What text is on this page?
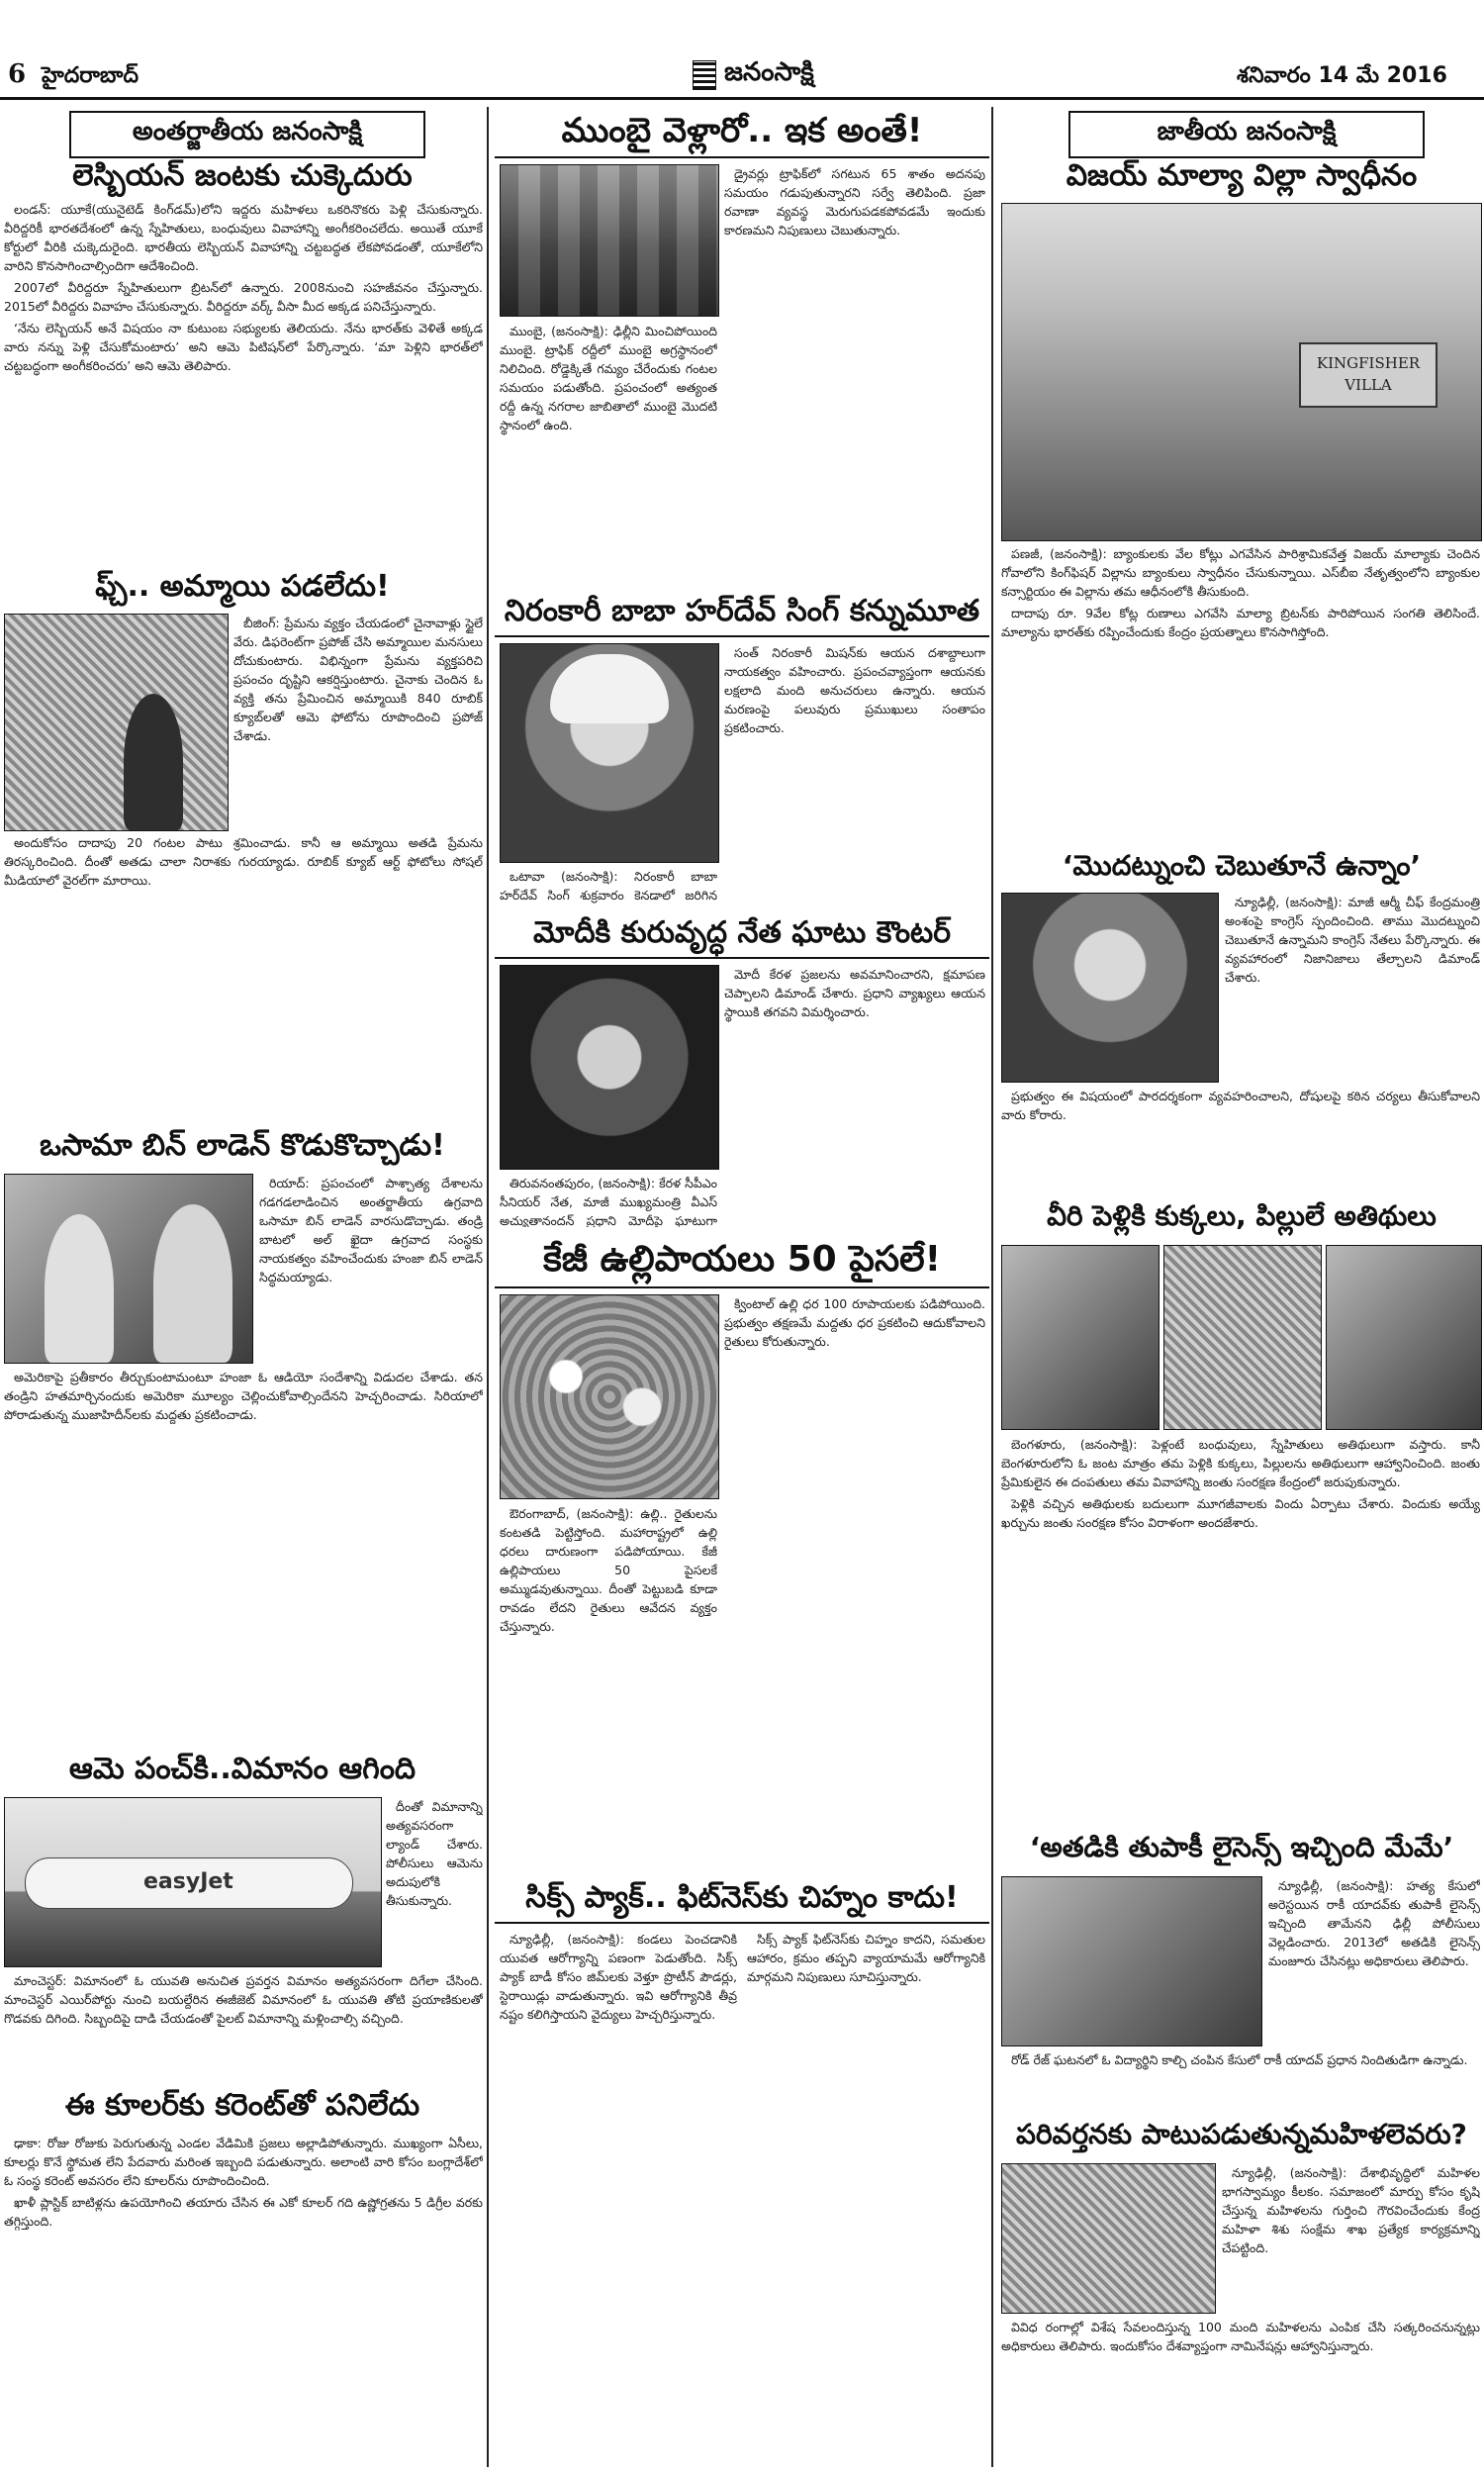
6 హైదరాబాద్	జనంసాక్షి	శనివారం 14 మే 2016
అంతర్జాతీయ జనంసాక్షి
లెస్బియన్ జంటకు చుక్కెదురు

లండన్: యూకే(యునైటెడ్ కింగ్‌డమ్)లోని ఇద్దరు మహిళలు ఒకరినొకరు పెళ్లి చేసుకున్నారు. వీరిద్దరికీ భారతదేశంలో ఉన్న స్నేహితులు, బంధువులు వివాహాన్ని అంగీకరించలేదు. అయితే యూకే కోర్టులో వీరికి చుక్కెదురైంది. భారతీయ లెస్బియన్ వివాహాన్ని చట్టబద్ధత లేకపోవడంతో, యూకేలోని వారిని కొనసాగించాల్సిందిగా ఆదేశించింది.

2007లో వీరిద్దరూ స్నేహితులుగా బ్రిటన్‌లో ఉన్నారు. 2008నుంచి సహజీవనం చేస్తున్నారు. 2015లో వీరిద్దరు వివాహం చేసుకున్నారు. వీరిద్దరూ వర్క్ వీసా మీద అక్కడ పనిచేస్తున్నారు.

‘నేను లెస్బియన్ అనే విషయం నా కుటుంబ సభ్యులకు తెలియదు. నేను భారత్‌కు వెళితే అక్కడ వారు నన్ను పెళ్లి చేసుకోమంటారు’ అని ఆమె పిటిషన్‌లో పేర్కొన్నారు. ‘మా పెళ్లిని భారత్‌లో చట్టబద్ధంగా అంగీకరించరు’ అని ఆమె తెలిపారు.

ఫ్చ్.. అమ్మాయి పడలేదు!

బీజింగ్: ప్రేమను వ్యక్తం చేయడంలో చైనావాళ్లు స్టైలే వేరు. డిఫరెంట్‌గా ప్రపోజ్ చేసి అమ్మాయిల మనసులు దోచుకుంటారు. విభిన్నంగా ప్రేమను వ్యక్తపరిచి ప్రపంచం దృష్టిని ఆకర్షిస్తుంటారు. చైనాకు చెందిన ఓ వ్యక్తి తను ప్రేమించిన అమ్మాయికి 840 రూబిక్ క్యూబ్‌లతో ఆమె ఫోటోను రూపొందించి ప్రపోజ్ చేశాడు.

అందుకోసం దాదాపు 20 గంటల పాటు శ్రమించాడు. కానీ ఆ అమ్మాయి అతడి ప్రేమను తిరస్కరించింది. దీంతో అతడు చాలా నిరాశకు గురయ్యాడు. రూబిక్ క్యూబ్ ఆర్ట్ ఫోటోలు సోషల్ మీడియాలో వైరల్‌గా మారాయి.

ఒసామా బిన్ లాడెన్ కొడుకొచ్చాడు!

రియాద్: ప్రపంచంలో పాశ్చాత్య దేశాలను గడగడలాడించిన అంతర్జాతీయ ఉగ్రవాది ఒసామా బిన్ లాడెన్ వారసుడొచ్చాడు. తండ్రి బాటలో అల్ ఖైదా ఉగ్రవాద సంస్థకు నాయకత్వం వహించేందుకు హంజా బిన్ లాడెన్ సిద్ధమయ్యాడు.

అమెరికాపై ప్రతీకారం తీర్చుకుంటామంటూ హంజా ఓ ఆడియో సందేశాన్ని విడుదల చేశాడు. తన తండ్రిని హతమార్చినందుకు అమెరికా మూల్యం చెల్లించుకోవాల్సిందేనని హెచ్చరించాడు. సిరియాలో పోరాడుతున్న ముజాహిదీన్‌లకు మద్దతు ప్రకటించాడు.

ఆమె పంచ్‌కి..విమానం ఆగింది
easyJet

దీంతో విమానాన్ని అత్యవసరంగా ల్యాండ్ చేశారు. పోలీసులు ఆమెను అదుపులోకి తీసుకున్నారు.

మాంచెస్టర్: విమానంలో ఓ యువతి అనుచిత ప్రవర్తన విమానం అత్యవసరంగా దిగేలా చేసింది. మాంచెస్టర్ ఎయిర్‌పోర్టు నుంచి బయల్దేరిన ఈజీజెట్ విమానంలో ఓ యువతి తోటి ప్రయాణికులతో గొడవకు దిగింది. సిబ్బందిపై దాడి చేయడంతో పైలట్ విమానాన్ని మళ్లించాల్సి వచ్చింది.

ఈ కూలర్‌కు కరెంట్‌తో పనిలేదు

ఢాకా: రోజు రోజుకు పెరుగుతున్న ఎండల వేడిమికి ప్రజలు అల్లాడిపోతున్నారు. ముఖ్యంగా ఏసీలు, కూలర్లు కొనే స్థోమత లేని పేదవారు మరింత ఇబ్బంది పడుతున్నారు. అలాంటి వారి కోసం బంగ్లాదేశ్‌లో ఓ సంస్థ కరెంట్ అవసరం లేని కూలర్‌ను రూపొందించింది.

ఖాళీ ప్లాస్టిక్ బాటిళ్లను ఉపయోగించి తయారు చేసిన ఈ ఎకో కూలర్ గది ఉష్ణోగ్రతను 5 డిగ్రీల వరకు తగ్గిస్తుంది.

ముంబై వెళ్లారో.. ఇక అంతే!

డ్రైవర్లు ట్రాఫిక్‌లో సగటున 65 శాతం అదనపు సమయం గడుపుతున్నారని సర్వే తెలిపింది. ప్రజా రవాణా వ్యవస్థ మెరుగుపడకపోవడమే ఇందుకు కారణమని నిపుణులు చెబుతున్నారు.

ముంబై, (జనంసాక్షి): ఢిల్లీని మించిపోయింది ముంబై. ట్రాఫిక్ రద్దీలో ముంబై అగ్రస్థానంలో నిలిచింది. రోడ్డెక్కితే గమ్యం చేరేందుకు గంటల సమయం పడుతోంది. ప్రపంచంలో అత్యంత రద్దీ ఉన్న నగరాల జాబితాలో ముంబై మొదటి స్థానంలో ఉంది.

నిరంకారీ బాబా హర్‌దేవ్ సింగ్ కన్నుమూత

సంత్ నిరంకారీ మిషన్‌కు ఆయన దశాబ్దాలుగా నాయకత్వం వహించారు. ప్రపంచవ్యాప్తంగా ఆయనకు లక్షలాది మంది అనుచరులు ఉన్నారు. ఆయన మరణంపై పలువురు ప్రముఖులు సంతాపం ప్రకటించారు.

ఒటావా (జనంసాక్షి): నిరంకారీ బాబా హర్‌దేవ్ సింగ్ శుక్రవారం కెనడాలో జరిగిన

మోదీకి కురువృద్ధ నేత ఘాటు కౌంటర్

మోదీ కేరళ ప్రజలను అవమానించారని, క్షమాపణ చెప్పాలని డిమాండ్ చేశారు. ప్రధాని వ్యాఖ్యలు ఆయన స్థాయికి తగవని విమర్శించారు.

తిరువనంతపురం, (జనంసాక్షి): కేరళ సీపీఎం సీనియర్ నేత, మాజీ ముఖ్యమంత్రి వీఎస్ అచ్యుతానందన్ ప్రధాని మోదీపై ఘాటుగా

కేజీ ఉల్లిపాయలు 50 పైసలే!

క్వింటాల్ ఉల్లి ధర 100 రూపాయలకు పడిపోయింది. ప్రభుత్వం తక్షణమే మద్దతు ధర ప్రకటించి ఆదుకోవాలని రైతులు కోరుతున్నారు.

ఔరంగాబాద్, (జనంసాక్షి): ఉల్లి.. రైతులను కంటతడి పెట్టిస్తోంది. మహారాష్ట్రలో ఉల్లి ధరలు దారుణంగా పడిపోయాయి. కేజీ ఉల్లిపాయలు 50 పైసలకే అమ్ముడవుతున్నాయి. దీంతో పెట్టుబడి కూడా రావడం లేదని రైతులు ఆవేదన వ్యక్తం చేస్తున్నారు.

సిక్స్ ప్యాక్.. ఫిట్‌నెస్‌కు చిహ్నం కాదు!

న్యూఢిల్లీ, (జనంసాక్షి): కండలు పెంచడానికి యువత ఆరోగ్యాన్ని పణంగా పెడుతోంది. సిక్స్ ప్యాక్ బాడీ కోసం జిమ్‌లకు వెళ్తూ ప్రొటీన్ పౌడర్లు, స్టెరాయిడ్లు వాడుతున్నారు. ఇవి ఆరోగ్యానికి తీవ్ర నష్టం కలిగిస్తాయని వైద్యులు హెచ్చరిస్తున్నారు.

సిక్స్ ప్యాక్ ఫిట్‌నెస్‌కు చిహ్నం కాదని, సమతుల ఆహారం, క్రమం తప్పని వ్యాయామమే ఆరోగ్యానికి మార్గమని నిపుణులు సూచిస్తున్నారు.

జాతీయ జనంసాక్షి
విజయ్ మాల్యా విల్లా స్వాధీనం
KINGFISHER
VILLA

పణజీ, (జనంసాక్షి): బ్యాంకులకు వేల కోట్లు ఎగవేసిన పారిశ్రామికవేత్త విజయ్ మాల్యాకు చెందిన గోవాలోని కింగ్‌ఫిషర్ విల్లాను బ్యాంకులు స్వాధీనం చేసుకున్నాయి. ఎస్‌బీఐ నేతృత్వంలోని బ్యాంకుల కన్సార్టియం ఈ విల్లాను తమ ఆధీనంలోకి తీసుకుంది.

దాదాపు రూ. 9వేల కోట్ల రుణాలు ఎగవేసి మాల్యా బ్రిటన్‌కు పారిపోయిన సంగతి తెలిసిందే. మాల్యాను భారత్‌కు రప్పించేందుకు కేంద్రం ప్రయత్నాలు కొనసాగిస్తోంది.

‘మొదట్నుంచి చెబుతూనే ఉన్నాం’

న్యూఢిల్లీ, (జనంసాక్షి): మాజీ ఆర్మీ చీఫ్ కేంద్రమంత్రి అంశంపై కాంగ్రెస్ స్పందించింది. తాము మొదట్నుంచి చెబుతూనే ఉన్నామని కాంగ్రెస్ నేతలు పేర్కొన్నారు. ఈ వ్యవహారంలో నిజానిజాలు తేల్చాలని డిమాండ్ చేశారు.

ప్రభుత్వం ఈ విషయంలో పారదర్శకంగా వ్యవహరించాలని, దోషులపై కఠిన చర్యలు తీసుకోవాలని వారు కోరారు.

వీరి పెళ్లికి కుక్కలు, పిల్లులే అతిథులు

బెంగళూరు, (జనంసాక్షి): పెళ్లంటే బంధువులు, స్నేహితులు అతిథులుగా వస్తారు. కానీ బెంగళూరులోని ఓ జంట మాత్రం తమ పెళ్లికి కుక్కలు, పిల్లులను అతిథులుగా ఆహ్వానించింది. జంతు ప్రేమికులైన ఈ దంపతులు తమ వివాహాన్ని జంతు సంరక్షణ కేంద్రంలో జరుపుకున్నారు.

పెళ్లికి వచ్చిన అతిథులకు బదులుగా మూగజీవాలకు విందు ఏర్పాటు చేశారు. విందుకు అయ్యే ఖర్చును జంతు సంరక్షణ కోసం విరాళంగా అందజేశారు.

‘అతడికి తుపాకీ లైసెన్స్ ఇచ్చింది మేమే’

న్యూఢిల్లీ, (జనంసాక్షి): హత్య కేసులో అరెస్టయిన రాకీ యాదవ్‌కు తుపాకీ లైసెన్స్ ఇచ్చింది తామేనని ఢిల్లీ పోలీసులు వెల్లడించారు. 2013లో అతడికి లైసెన్స్ మంజూరు చేసినట్లు అధికారులు తెలిపారు.

రోడ్ రేజ్ ఘటనలో ఓ విద్యార్థిని కాల్చి చంపిన కేసులో రాకీ యాదవ్ ప్రధాన నిందితుడిగా ఉన్నాడు.

పరివర్తనకు పాటుపడుతున్నమహిళలెవరు?

న్యూఢిల్లీ, (జనంసాక్షి): దేశాభివృద్ధిలో మహిళల భాగస్వామ్యం కీలకం. సమాజంలో మార్పు కోసం కృషి చేస్తున్న మహిళలను గుర్తించి గౌరవించేందుకు కేంద్ర మహిళా శిశు సంక్షేమ శాఖ ప్రత్యేక కార్యక్రమాన్ని చేపట్టింది.

వివిధ రంగాల్లో విశేష సేవలందిస్తున్న 100 మంది మహిళలను ఎంపిక చేసి సత్కరించనున్నట్లు అధికారులు తెలిపారు. ఇందుకోసం దేశవ్యాప్తంగా నామినేషన్లు ఆహ్వానిస్తున్నారు.
